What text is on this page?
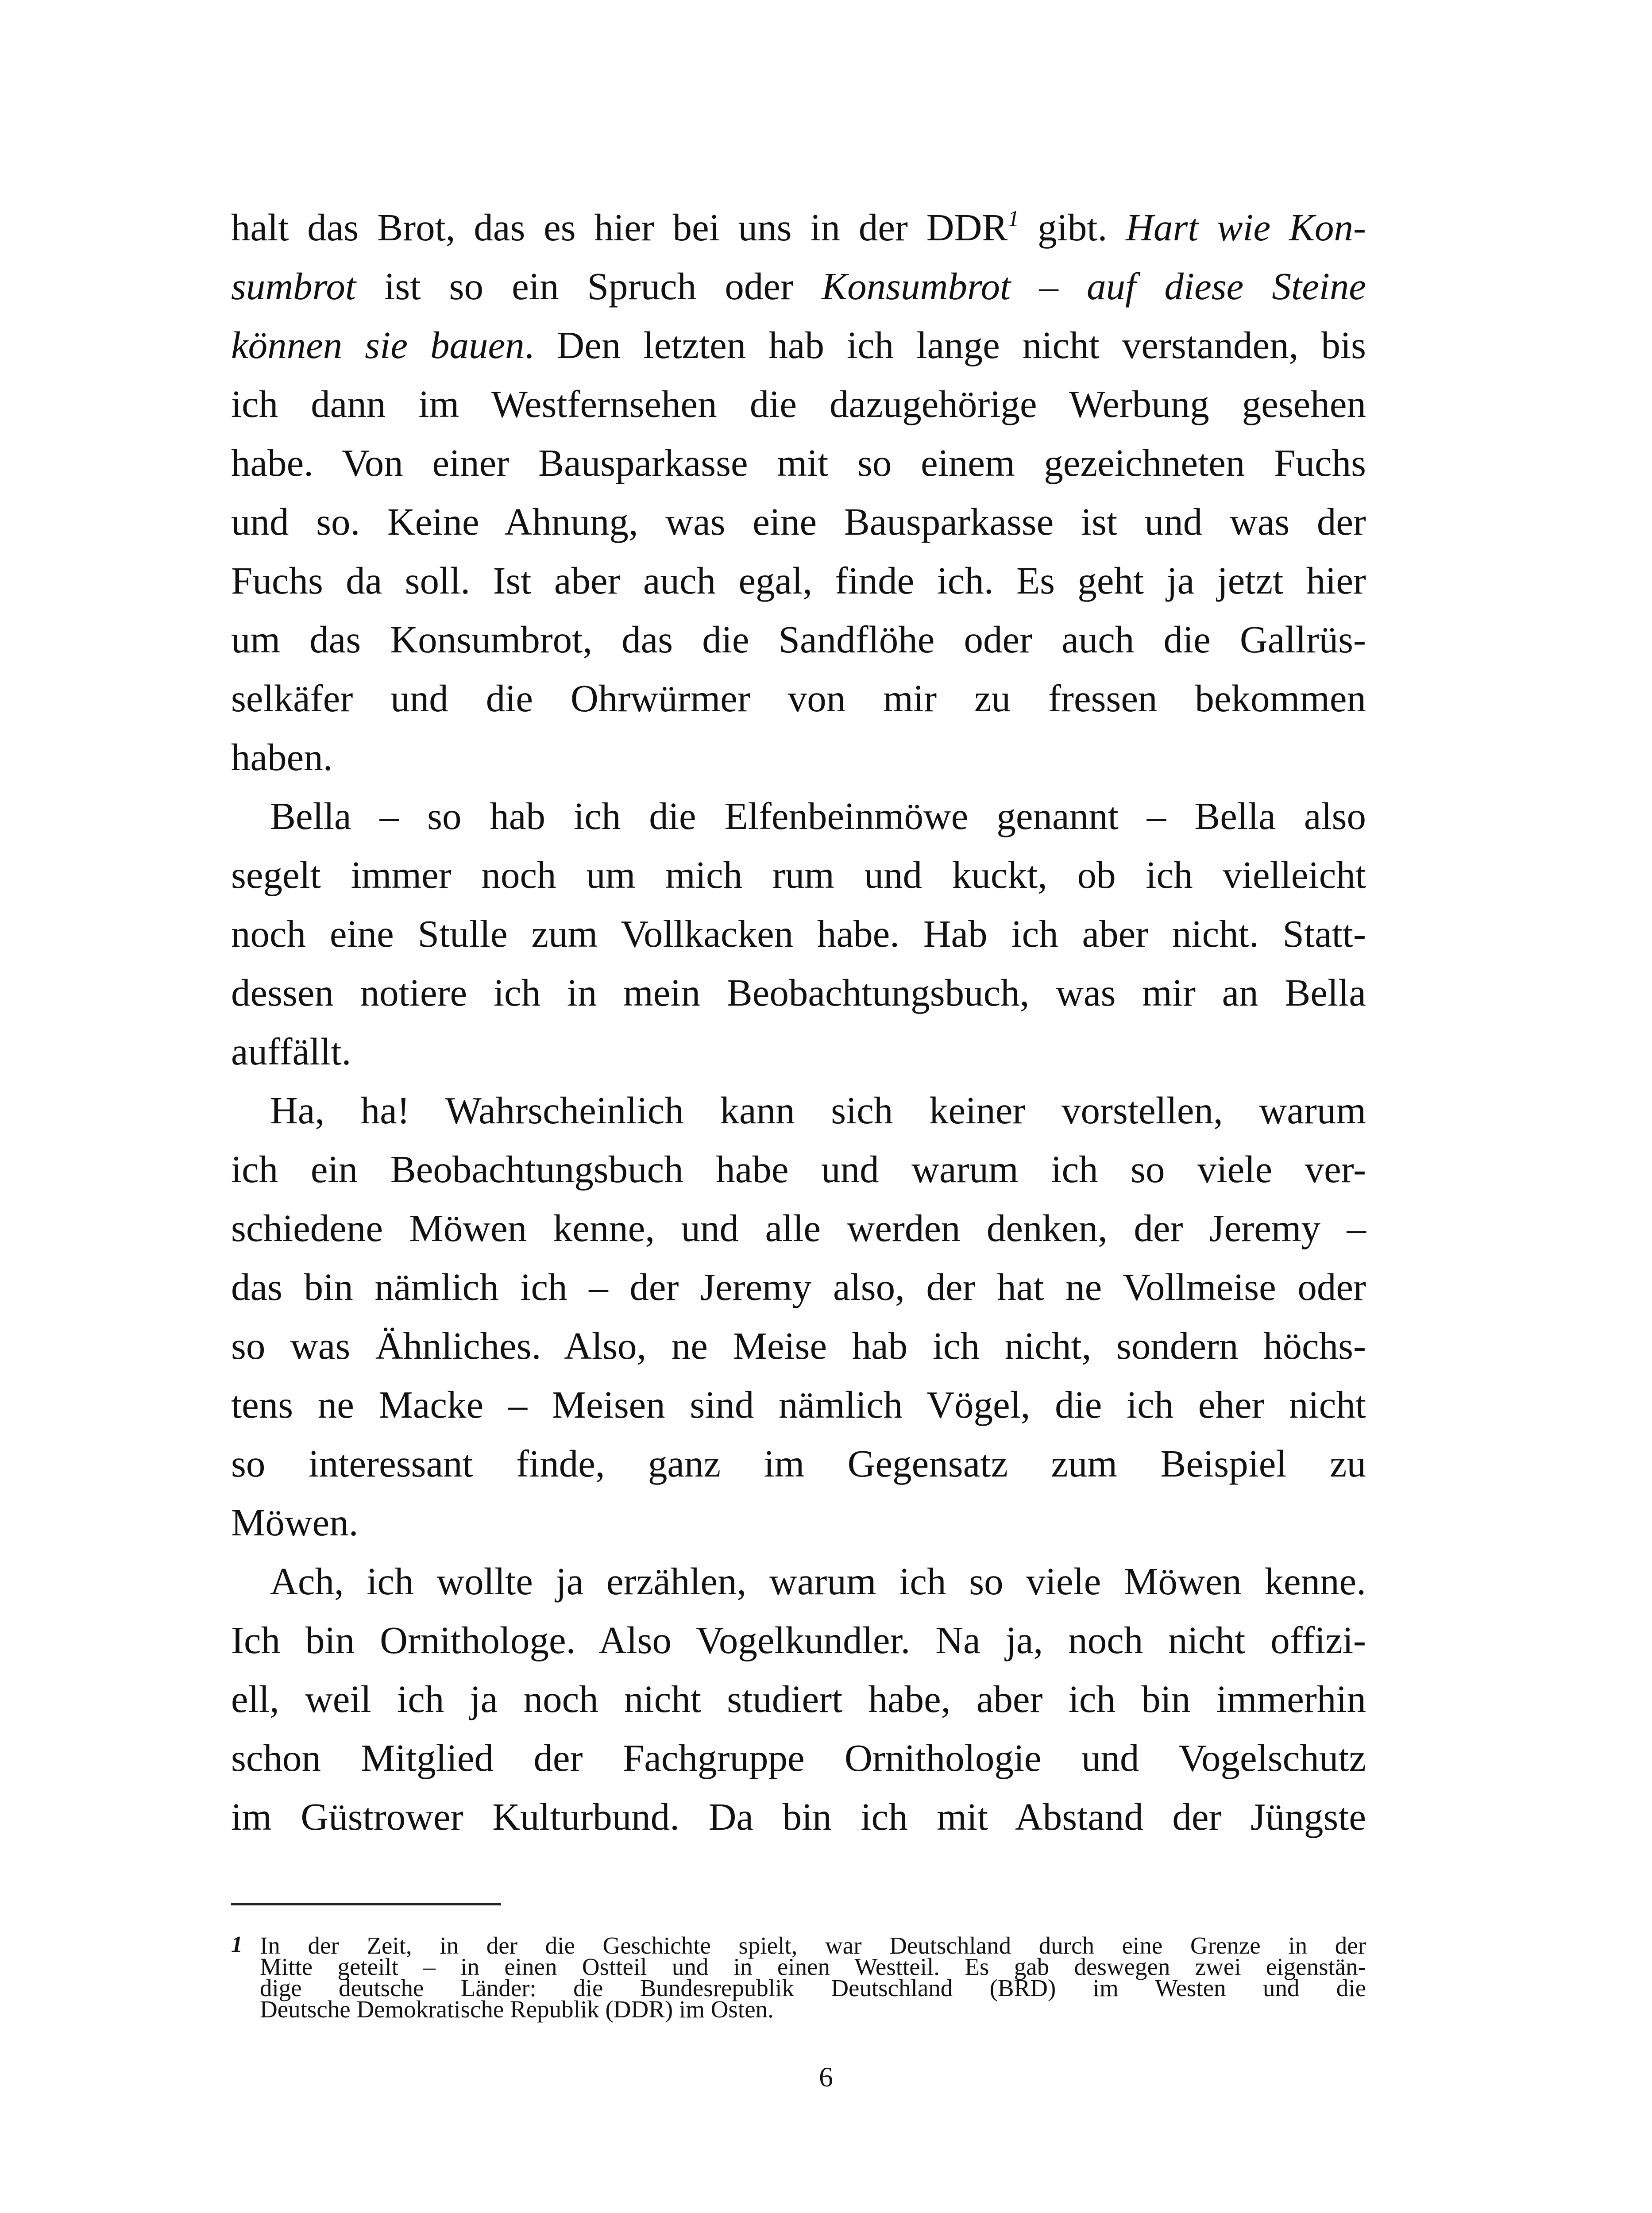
halt das Brot, das es hier bei uns in der DDR$^1$ gibt. Hart wie Kon-
sumbrot ist so ein Spruch oder Konsumbrot – auf diese Steine
können sie bauen. Den letzten hab ich lange nicht verstanden, bis
ich dann im Westfernsehen die dazugehörige Werbung gesehen
habe. Von einer Bausparkasse mit so einem gezeichneten Fuchs
und so. Keine Ahnung, was eine Bausparkasse ist und was der
Fuchs da soll. Ist aber auch egal, finde ich. Es geht ja jetzt hier
um das Konsumbrot, das die Sandflöhe oder auch die Gallrüs-
selkäfer und die Ohrwürmer von mir zu fressen bekommen
haben.
Bella – so hab ich die Elfenbeinmöwe genannt – Bella also
segelt immer noch um mich rum und kuckt, ob ich vielleicht
noch eine Stulle zum Vollkacken habe. Hab ich aber nicht. Statt-
dessen notiere ich in mein Beobachtungsbuch, was mir an Bella
auffällt.
Ha, ha! Wahrscheinlich kann sich keiner vorstellen, warum
ich ein Beobachtungsbuch habe und warum ich so viele ver-
schiedene Möwen kenne, und alle werden denken, der Jeremy –
das bin nämlich ich – der Jeremy also, der hat ne Vollmeise oder
so was Ähnliches. Also, ne Meise hab ich nicht, sondern höchs-
tens ne Macke – Meisen sind nämlich Vögel, die ich eher nicht
so interessant finde, ganz im Gegensatz zum Beispiel zu
Möwen.
Ach, ich wollte ja erzählen, warum ich so viele Möwen kenne.
Ich bin Ornithologe. Also Vogelkundler. Na ja, noch nicht offizi-
ell, weil ich ja noch nicht studiert habe, aber ich bin immerhin
schon Mitglied der Fachgruppe Ornithologie und Vogelschutz
im Güstrower Kulturbund. Da bin ich mit Abstand der Jüngste
1 In der Zeit, in der die Geschichte spielt, war Deutschland durch eine Grenze in der
Mitte geteilt – in einen Ostteil und in einen Westteil. Es gab deswegen zwei eigenstän-
dige deutsche Länder: die Bundesrepublik Deutschland (BRD) im Westen und die
Deutsche Demokratische Republik (DDR) im Osten.
6
